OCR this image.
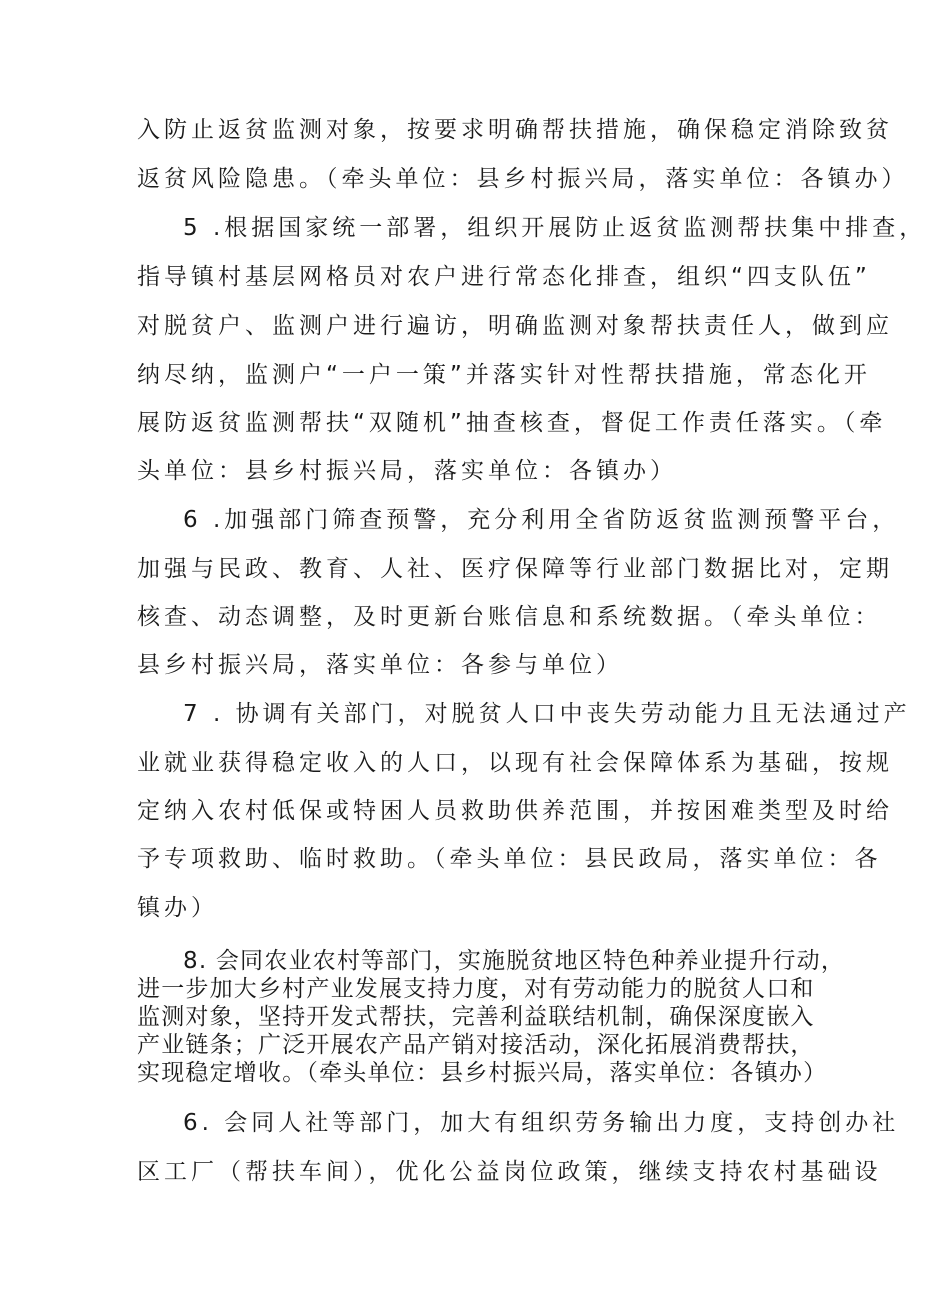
入防止返贫监测对象，按要求明确帮扶措施，确保稳定消除致贫
返贫风险隐患。（牵头单位：县乡村振兴局，落实单位：各镇办）
5 .根据国家统一部署，组织开展防止返贫监测帮扶集中排查，
指导镇村基层网格员对农户进行常态化排查，组织“四支队伍”
对脱贫户、监测户进行遍访，明确监测对象帮扶责任人，做到应
纳尽纳，监测户“一户一策”并落实针对性帮扶措施，常态化开
展防返贫监测帮扶“双随机”抽查核查，督促工作责任落实。（牵
头单位：县乡村振兴局，落实单位：各镇办）
6 .加强部门筛查预警，充分利用全省防返贫监测预警平台，
加强与民政、教育、人社、医疗保障等行业部门数据比对，定期
核查、动态调整，及时更新台账信息和系统数据。（牵头单位：
县乡村振兴局，落实单位：各参与单位）
7 . 协调有关部门，对脱贫人口中丧失劳动能力且无法通过产
业就业获得稳定收入的人口，以现有社会保障体系为基础，按规
定纳入农村低保或特困人员救助供养范围，并按困难类型及时给
予专项救助、临时救助。（牵头单位：县民政局，落实单位：各
镇办）
8. 会同农业农村等部门，实施脱贫地区特色种养业提升行动，
进一步加大乡村产业发展支持力度，对有劳动能力的脱贫人口和
监测对象，坚持开发式帮扶，完善利益联结机制，确保深度嵌入
产业链条；广泛开展农产品产销对接活动，深化拓展消费帮扶，
实现稳定增收。（牵头单位：县乡村振兴局，落实单位：各镇办）
6. 会同人社等部门，加大有组织劳务输出力度，支持创办社
区工厂（帮扶车间），优化公益岗位政策，继续支持农村基础设
